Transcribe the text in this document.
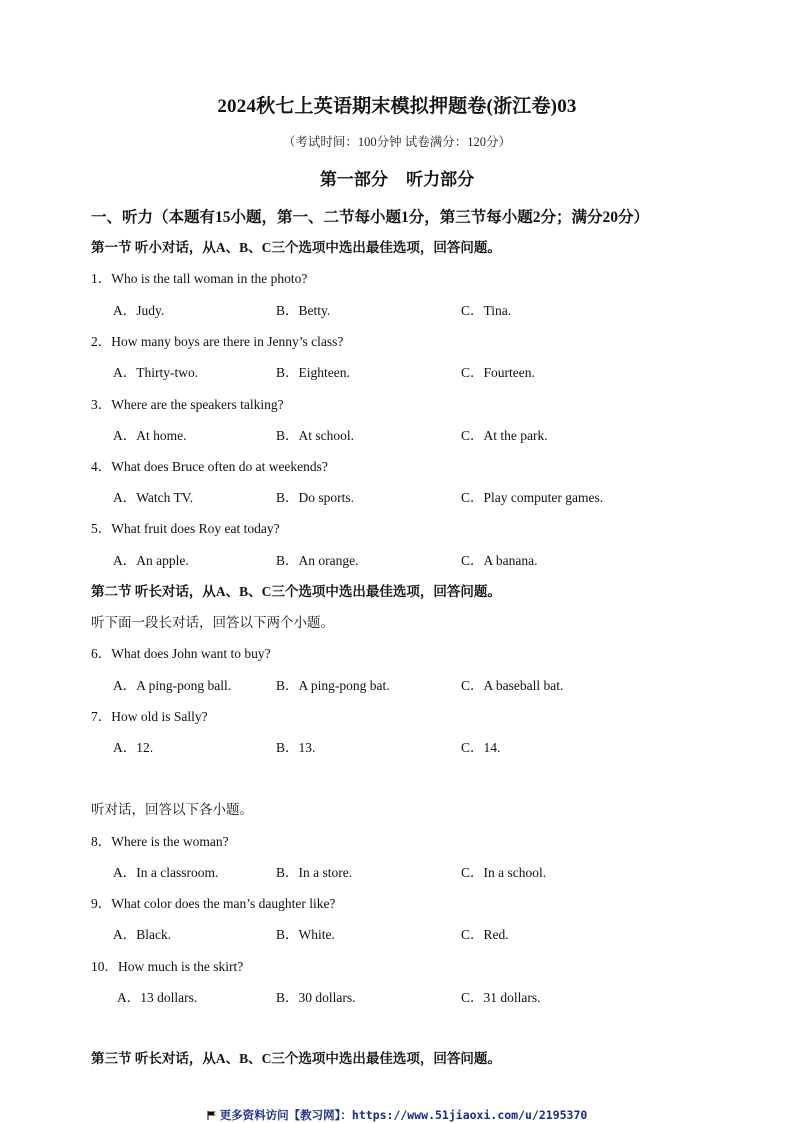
2024秋七上英语期末模拟押题卷(浙江卷)03
（考试时间：100分钟 试卷满分：120分）
第一部分 听力部分
一、听力（本题有15小题，第一、二节每小题1分，第三节每小题2分；满分20分）
第一节 听小对话，从A、B、C三个选项中选出最佳选项，回答问题。
1．Who is the tall woman in the photo?
A．Judy.	B．Betty.	C．Tina.
2．How many boys are there in Jenny’s class?
A．Thirty-two.	B．Eighteen.	C．Fourteen.
3．Where are the speakers talking?
A．At home.	B．At school.	C．At the park.
4．What does Bruce often do at weekends?
A．Watch TV.	B．Do sports.	C．Play computer games.
5．What fruit does Roy eat today?
A．An apple.	B．An orange.	C．A banana.
第二节 听长对话，从A、B、C三个选项中选出最佳选项，回答问题。
听下面一段长对话，回答以下两个小题。
6．What does John want to buy?
A．A ping-pong ball.	B．A ping-pong bat.	C．A baseball bat.
7．How old is Sally?
A．12.	B．13.	C．14.
听对话，回答以下各小题。
8．Where is the woman?
A．In a classroom.	B．In a store.	C．In a school.
9．What color does the man’s daughter like?
A．Black.	B．White.	C．Red.
10．How much is the skirt?
A．13 dollars.	B．30 dollars.	C．31 dollars.
第三节 听长对话，从A、B、C三个选项中选出最佳选项，回答问题。
更多资料访问【教习网】：https://www.51jiaoxi.com/u/2195370
